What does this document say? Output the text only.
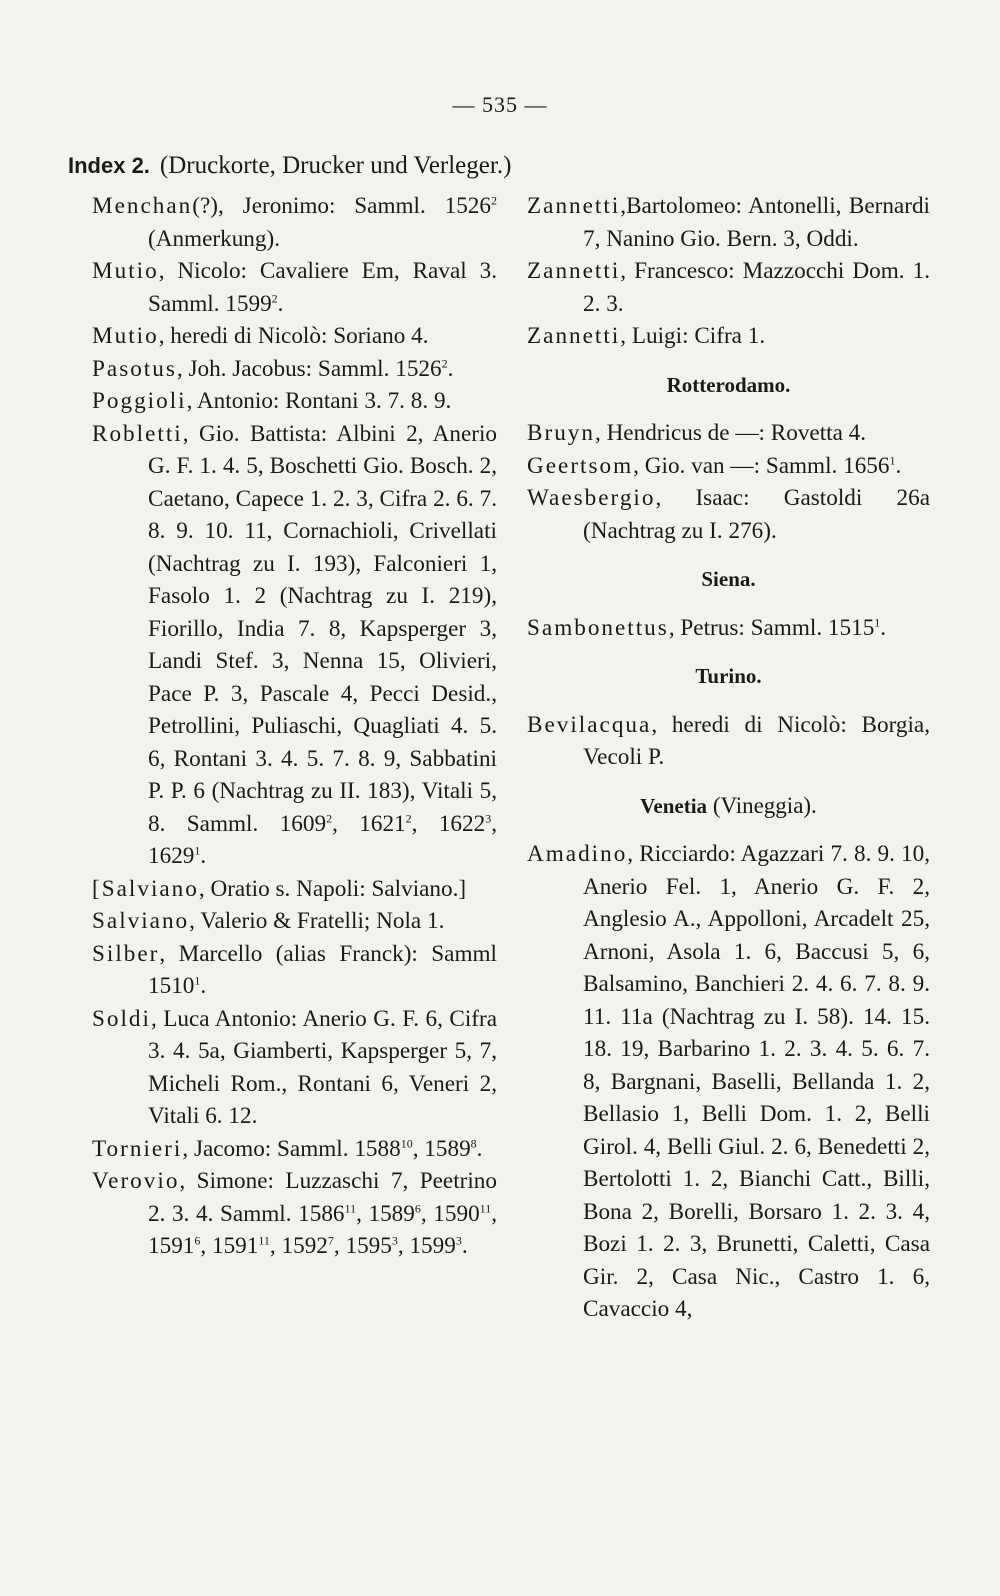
— 535 —
Index 2. (Druckorte, Drucker und Verleger.)

Menchan(?), Jeronimo: Samml. 1526$^2$ (Anmerkung).

Mutio, Nicolo: Cavaliere Em, Raval 3. Samml. 1599$^2$.

Mutio, heredi di Nicolò: Soriano 4.

Pasotus, Joh. Jacobus: Samml. 1526$^2$.

Poggioli, Antonio: Rontani 3. 7. 8. 9.

Robletti, Gio. Battista: Albini 2, Anerio G. F. 1. 4. 5, Boschetti Gio. Bosch. 2, Caetano, Capece 1. 2. 3, Cifra 2. 6. 7. 8. 9. 10. 11, Cornachioli, Crivellati (Nachtrag zu I. 193), Falconieri 1, Fasolo 1. 2 (Nachtrag zu I. 219), Fiorillo, India 7. 8, Kapsperger 3, Landi Stef. 3, Nenna 15, Olivieri, Pace P. 3, Pascale 4, Pecci Desid., Petrollini, Puliaschi, Quagliati 4. 5. 6, Rontani 3. 4. 5. 7. 8. 9, Sabbatini P. P. 6 (Nachtrag zu II. 183), Vitali 5, 8. Samml. 1609$^2$, 1621$^2$, 1622$^3$, 1629$^1$.

[Salviano, Oratio s. Napoli: Salviano.]

Salviano, Valerio & Fratelli; Nola 1.

Silber, Marcello (alias Franck): Samml 1510$^1$.

Soldi, Luca Antonio: Anerio G. F. 6, Cifra 3. 4. 5a, Giamberti, Kapsperger 5, 7, Micheli Rom., Rontani 6, Veneri 2, Vitali 6. 12.

Tornieri, Jacomo: Samml. 1588$^{10}$, 1589$^8$.

Verovio, Simone: Luzzaschi 7, Peetrino 2. 3. 4. Samml. 1586$^{11}$, 1589$^6$, 1590$^{11}$, 1591$^6$, 1591$^{11}$, 1592$^7$, 1595$^3$, 1599$^3$.

Zannetti,Bartolomeo: Antonelli, Bernardi 7, Nanino Gio. Bern. 3, Oddi.

Zannetti, Francesco: Mazzocchi Dom. 1. 2. 3.

Zannetti, Luigi: Cifra 1.

Rotterodamo.

Bruyn, Hendricus de —: Rovetta 4.

Geertsom, Gio. van —: Samml. 1656$^1$.

Waesbergio, Isaac: Gastoldi 26a (Nachtrag zu I. 276).

Siena.

Sambonettus, Petrus: Samml. 1515$^1$.

Turino.

Bevilacqua, heredi di Nicolò: Borgia, Vecoli P.

Venetia (Vineggia).

Amadino, Ricciardo: Agazzari 7. 8. 9. 10, Anerio Fel. 1, Anerio G. F. 2, Anglesio A., Appolloni, Arcadelt 25, Arnoni, Asola 1. 6, Baccusi 5, 6, Balsamino, Banchieri 2. 4. 6. 7. 8. 9. 11. 11a (Nachtrag zu I. 58). 14. 15. 18. 19, Barbarino 1. 2. 3. 4. 5. 6. 7. 8, Bargnani, Baselli, Bellanda 1. 2, Bellasio 1, Belli Dom. 1. 2, Belli Girol. 4, Belli Giul. 2. 6, Benedetti 2, Bertolotti 1. 2, Bianchi Catt., Billi, Bona 2, Borelli, Borsaro 1. 2. 3. 4, Bozi 1. 2. 3, Brunetti, Caletti, Casa Gir. 2, Casa Nic., Castro 1. 6, Cavaccio 4,
